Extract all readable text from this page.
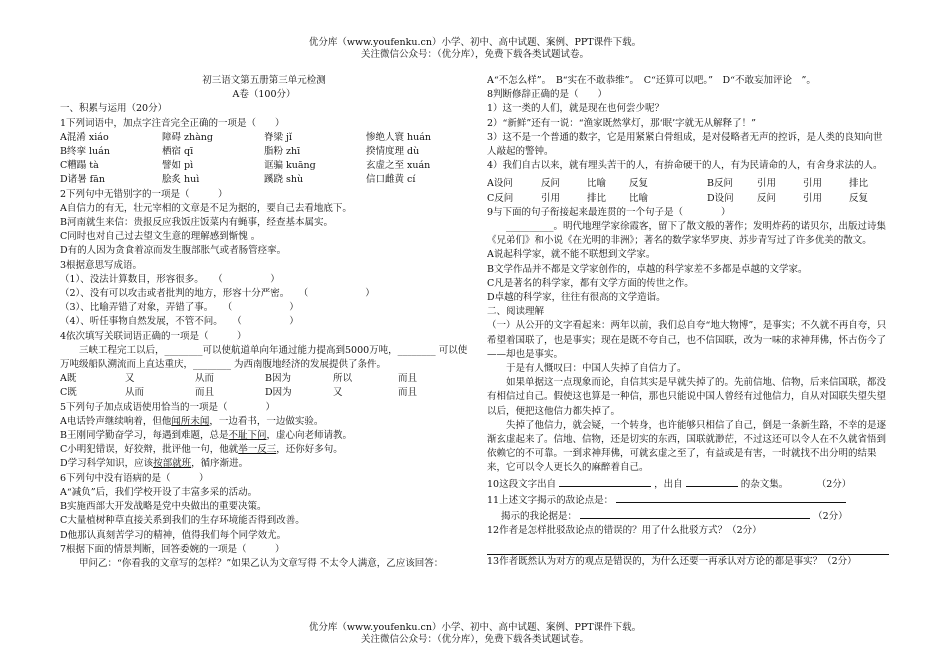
优分库（www.youfenku.cn）小学、初中、高中试题、案例、PPT课件下载。
关注微信公众号：（优分库），免费下载各类试题试卷。
初三语文第五册第三单元检测
A卷（100分）
一、积累与运用（20分）
1下列词语中，加点字注音完全正确的一项是（　　）
A混淆 xiáo	障碍 zhàng	脊梁 jǐ	惨绝人寰 huán
B终挛 luán	栖宿 qī	脂粉 zhī	揆情度理 dù
C糟蹋 tà	譬如 pì	诓骗 kuāng	玄虚之至 xuán
D诸暑 fān	脍炙 huì	蹊跷 shù	信口雌黄 cí
2下列句中无错别字的一项是（　　　）
A自信力的有无，壮元宰相的文章是不足为据的，要自己去看地底下。
B河南就生来信：贵报反应我饭庄饭菜内有蝇事，经查基本属实。
C同时也对自己过去望文生意的理解感到惭愧 。
D有的人因为贪食着凉而发生腹部胀气或者肠管痉挛。
3根据意思写成语。
（1）、没法计算数目，形容很多。　　（　　　　　）
（2）、没有可以攻击或者批判的地方，形容十分严密。　　（　　　　　　）
（3）、比喻弄错了对象，弄错了事。　　（　　　　　　）
（4）、听任事物自然发展，不管不问。　　（　　　　　）
4依次填写关联词语正确的一项是（　　　）
三峡工程完工以后，________可以使航道单向年通过能力提高到5000万吨，________ 可以使万吨级船队溯流而上直达重庆，________ 为西南腹地经济的发展提供了条件。
A既	又	从而	B因为	所以	而且
C既	从而	而且	D因为	又	而且
5下列句子加点成语使用恰当的一项是（　　　　）
A电话铃声继续响着，但他闻所未闻，一边看书，一边做实验。
B王刚同学勤奋学习，每遇到难题，总是不耻下问，虚心向老师请教。
C小明犯错误，好狡辩，批评他一句，他就举一反三，还你好多句。
D学习科学知识，应该按部就班，循序渐进。
6下列句中没有语病的是（　　　）
A“减负”后，我们学校开设了丰富多采的活动。
B实施西部大开发战略是党中央做出的重要决策。
C大量植树种草直接关系到我们的生存环境能否得到改善。
D他那认真刻苦学习的精神，值得我们每个同学效尤。
7根据下面的情景判断，回答委婉的一项是（　　　）
甲问乙：“你看我的文章写的怎样？”如果乙认为文章写得 不太令人满意，乙应该回答：
A“不怎么样”。　B“实在不敢恭维”。　C“还算可以吧。”　D“不敢妄加评论　”。
8判断修辞正确的是（　　）
1）这一类的人们，就是现在也何尝少呢？
2）“新鲜”还有一说：“渔家既然掌灯，那‘眠’字就无从解释了！”
3）这不是一个普通的数字，它是用紧紧白骨组成，是对侵略者无声的控诉，是人类的良知向世人敲起的警钟。
4）我们自古以来，就有埋头苦干的人，有拚命硬干的人，有为民请命的人，有舍身求法的人。
A设问	反问	比喻	反复	B反问	引用	引用	排比
C反问	引用	排比	比喻	D设问	反问	引用	反复
9与下面的句子衔接起来最连贯的一个句子是（　　　　）
__________。明代地理学家徐霞客，留下了散文般的著作；发明炸药的诺贝尔，出版过诗集《兄弟们》和小说《在光明的非洲》；著名的数学家华罗庚、苏步青写过了许多优美的散文。
A说起科学家，就不能不联想到文学家。
B文学作品并不都是文学家创作的，卓越的科学家差不多都是卓越的文学家。
C凡是著名的科学家，都有文学方面的传世之作。
D卓越的科学家，往往有很高的文学造诣。
二、阅读理解
（一）从公开的文字看起来：两年以前，我们总自夸“地大物博”，是事实；不久就不再自夸，只希望着国联了，也是事实；现在是既不夸自己，也不信国联，改为一味的求神拜佛，怀古伤今了——却也是事实。
于是有人慨叹曰：中国人失掉了自信力了。
如果单据这一点现象而论，自信其实是早就失掉了的。先前信地、信物，后来信国联，都没有相信过自己。假使这也算是一种信，那也只能说中国人曾经有过他信力，自从对国联失望失望以后，便把这他信力都失掉了。
失掉了他信力，就会疑，一个转身，也许能够只相信了自己，倒是一条新生路，不幸的是逐渐玄虚起来了。信地、信物，还是切实的东西，国联就渺茫，不过这还可以令人在不久就省悟到依赖它的不可靠。一到求神拜佛，可就玄虚之至了，有益或是有害，一时就找不出分明的结果来，它可以令人更长久的麻醉着自己。
10这段文字出自	，出自	的杂文集。　　　　（2分）
11上述文字揭示的敌论点是：
揭示的我论据是：	（2分）
12作者是怎样批驳敌论点的错误的？用了什么批驳方式？（2分）
13作者既然认为对方的观点是错误的，为什么还要一再承认对方论的都是事实？（2分）
优分库（www.youfenku.cn）小学、初中、高中试题、案例、PPT课件下载。
关注微信公众号：（优分库），免费下载各类试题试卷。
